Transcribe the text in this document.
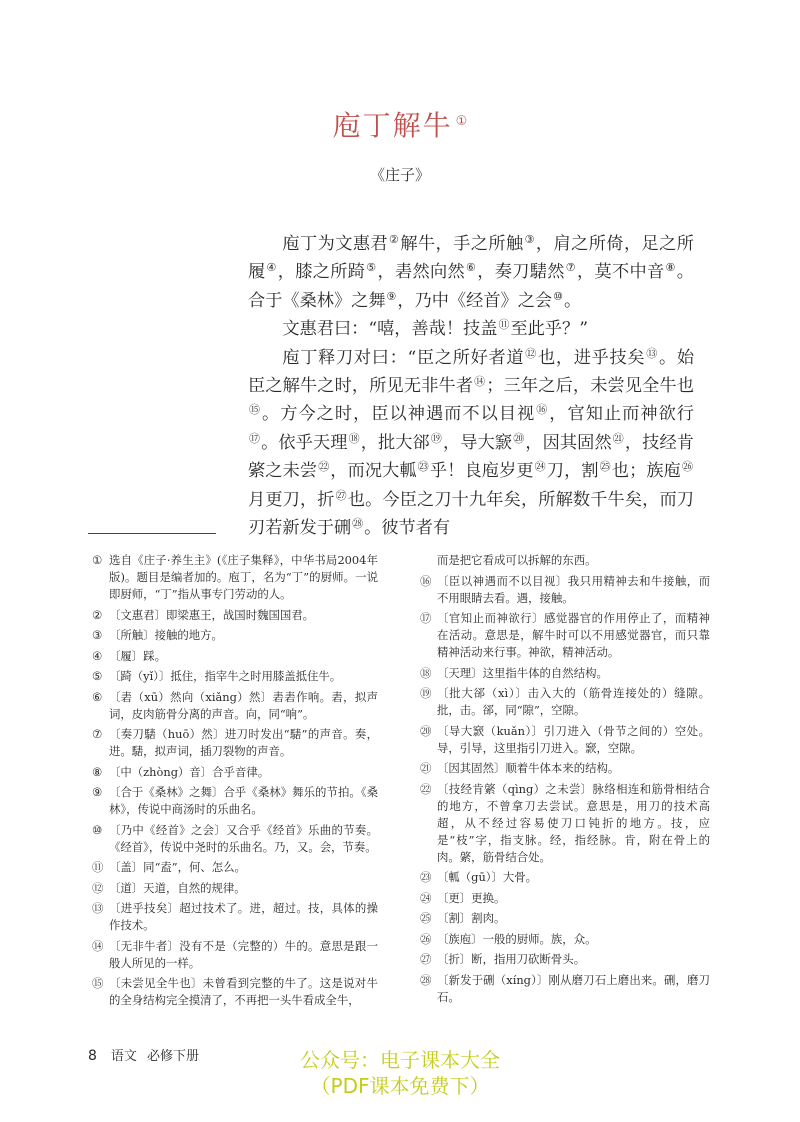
庖丁解牛 ①
《庄子》

庖丁为文惠君②解牛，手之所触③，肩之所倚，足之所履④，膝之所踦⑤，砉然向然⑥，奏刀騞然⑦，莫不中音⑧。合于《桑林》之舞⑨，乃中《经首》之会⑩。

文惠君曰：“嘻，善哉！技盖⑪至此乎？”

庖丁释刀对曰：“臣之所好者道⑫也，进乎技矣⑬。始臣之解牛之时，所见无非牛者⑭；三年之后，未尝见全牛也⑮。方今之时，臣以神遇而不以目视⑯，官知止而神欲行⑰。依乎天理⑱，批大郤⑲，导大窾⑳，因其固然$^㉑$，技经肯綮之未尝$^㉒$，而况大軱$^㉓$乎！良庖岁更$^㉔$刀，割$^㉕$也；族庖$^㉖$月更刀，折$^㉗$也。今臣之刀十九年矣，所解数千牛矣，而刀刃若新发于硎$^㉘$。彼节者有

① 选自《庄子·养生主》(《庄子集释》，中华书局2004年版)。题目是编者加的。庖丁，名为“丁”的厨师。一说即厨师，“丁”指从事专门劳动的人。
② 〔文惠君〕即梁惠王，战国时魏国国君。
③ 〔所触〕接触的地方。
④ 〔履〕踩。
⑤ 〔踦（yǐ）〕抵住，指宰牛之时用膝盖抵住牛。
⑥ 〔砉（xū）然向（xiǎng）然〕砉砉作响。砉，拟声词，皮肉筋骨分离的声音。向，同“响”。
⑦ 〔奏刀騞（huō）然〕进刀时发出“騞”的声音。奏，进。騞，拟声词，插刀裂物的声音。
⑧ 〔中（zhòng）音〕合乎音律。
⑨ 〔合于《桑林》之舞〕合乎《桑林》舞乐的节拍。《桑林》，传说中商汤时的乐曲名。
⑩ 〔乃中《经首》之会〕又合乎《经首》乐曲的节奏。《经首》，传说中尧时的乐曲名。乃，又。会，节奏。
⑪ 〔盖〕同“盍”，何、怎么。
⑫ 〔道〕天道，自然的规律。
⑬ 〔进乎技矣〕超过技术了。进，超过。技，具体的操作技术。
⑭ 〔无非牛者〕没有不是（完整的）牛的。意思是跟一般人所见的一样。
⑮ 〔未尝见全牛也〕未曾看到完整的牛了。这是说对牛的全身结构完全摸清了，不再把一头牛看成全牛，
而是把它看成可以拆解的东西。
⑯ 〔臣以神遇而不以目视〕我只用精神去和牛接触，而不用眼睛去看。遇，接触。
⑰ 〔官知止而神欲行〕感觉器官的作用停止了，而精神在活动。意思是，解牛时可以不用感觉器官，而只靠精神活动来行事。神欲，精神活动。
⑱ 〔天理〕这里指牛体的自然结构。
⑲ 〔批大郤（xì）〕击入大的（筋骨连接处的）缝隙。批，击。郤，同“隙”，空隙。
⑳ 〔导大窾（kuǎn）〕引刀进入（骨节之间的）空处。导，引导，这里指引刀进入。窾，空隙。
㉑ 〔因其固然〕顺着牛体本来的结构。
㉒ 〔技经肯綮（qìng）之未尝〕脉络相连和筋骨相结合的地方，不曾拿刀去尝试。意思是，用刀的技术高超，从不经过容易使刀口钝折的地方。技，应是“枝”字，指支脉。经，指经脉。肯，附在骨上的肉。綮，筋骨结合处。
㉓ 〔軱（gū）〕大骨。
㉔ 〔更〕更换。
㉕ 〔割〕割肉。
㉖ 〔族庖〕一般的厨师。族，众。
㉗ 〔折〕断，指用刀砍断骨头。
㉘ 〔新发于硎（xíng）〕刚从磨刀石上磨出来。硎，磨刀石。
8 语文 必修下册	公众号：电子课本大全
（PDF课本免费下）
